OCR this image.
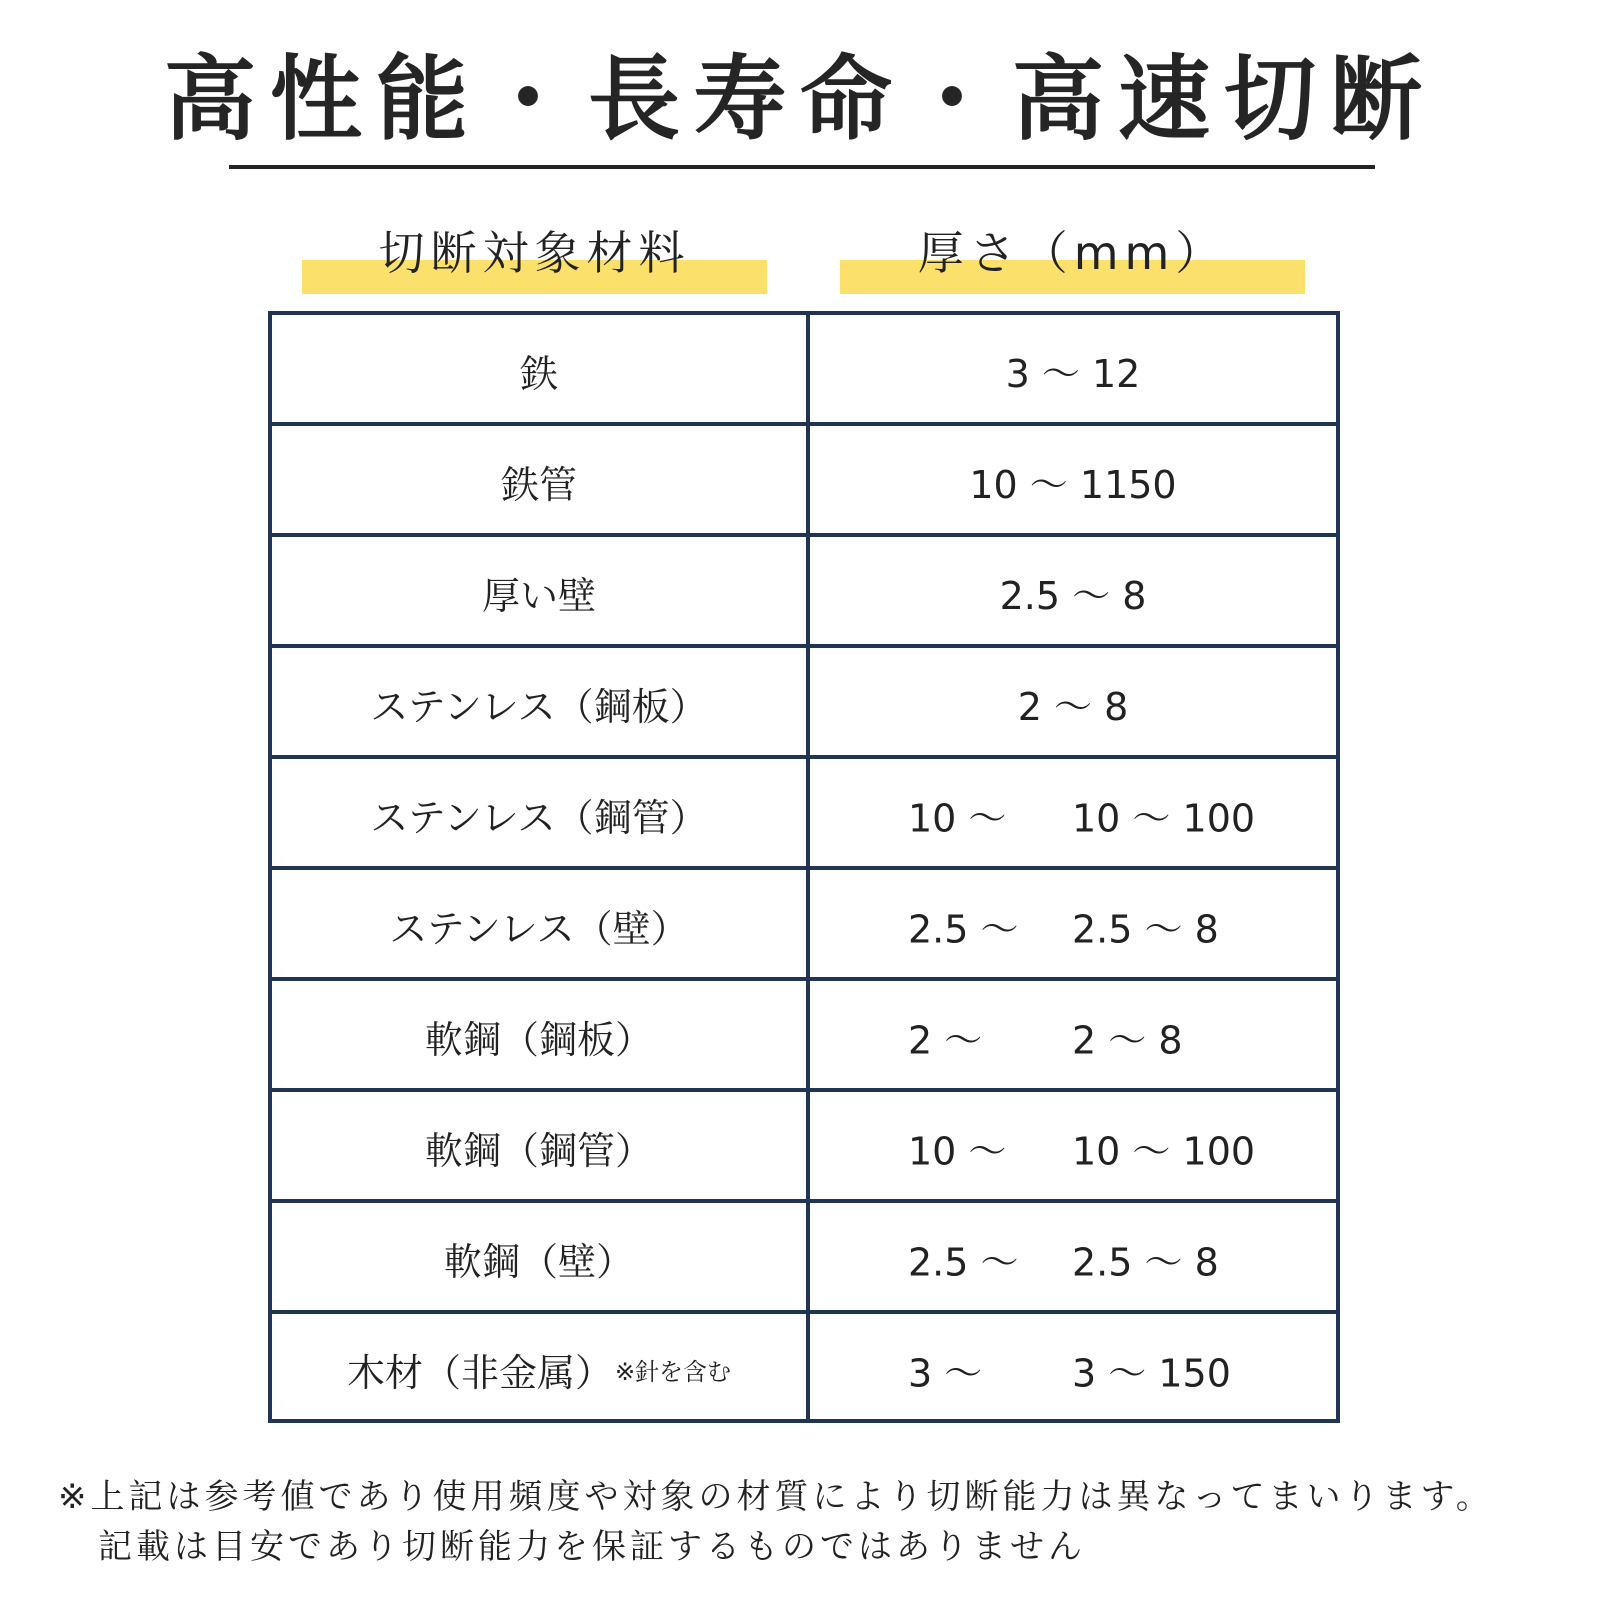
高性能・長寿命・高速切断
切断対象材料	厚さ（mm）
鉄	3 〜 12
鉄管	10 〜 1150
厚い壁	2.5 〜 8
ステンレス（鋼板）	2 〜 8
ステンレス（鋼管）	10 〜 10 〜 100
ステンレス（壁）	2.5 〜 2.5 〜 8
軟鋼（鋼板）	2 〜 2 〜 8
軟鋼（鋼管）	10 〜 10 〜 100
軟鋼（壁）	2.5 〜 2.5 〜 8
木材（非金属） ※針を含む	3 〜 3 〜 150
※上記は参考値であり使用頻度や対象の材質により切断能力は異なってまいります。
記載は目安であり切断能力を保証するものではありません
